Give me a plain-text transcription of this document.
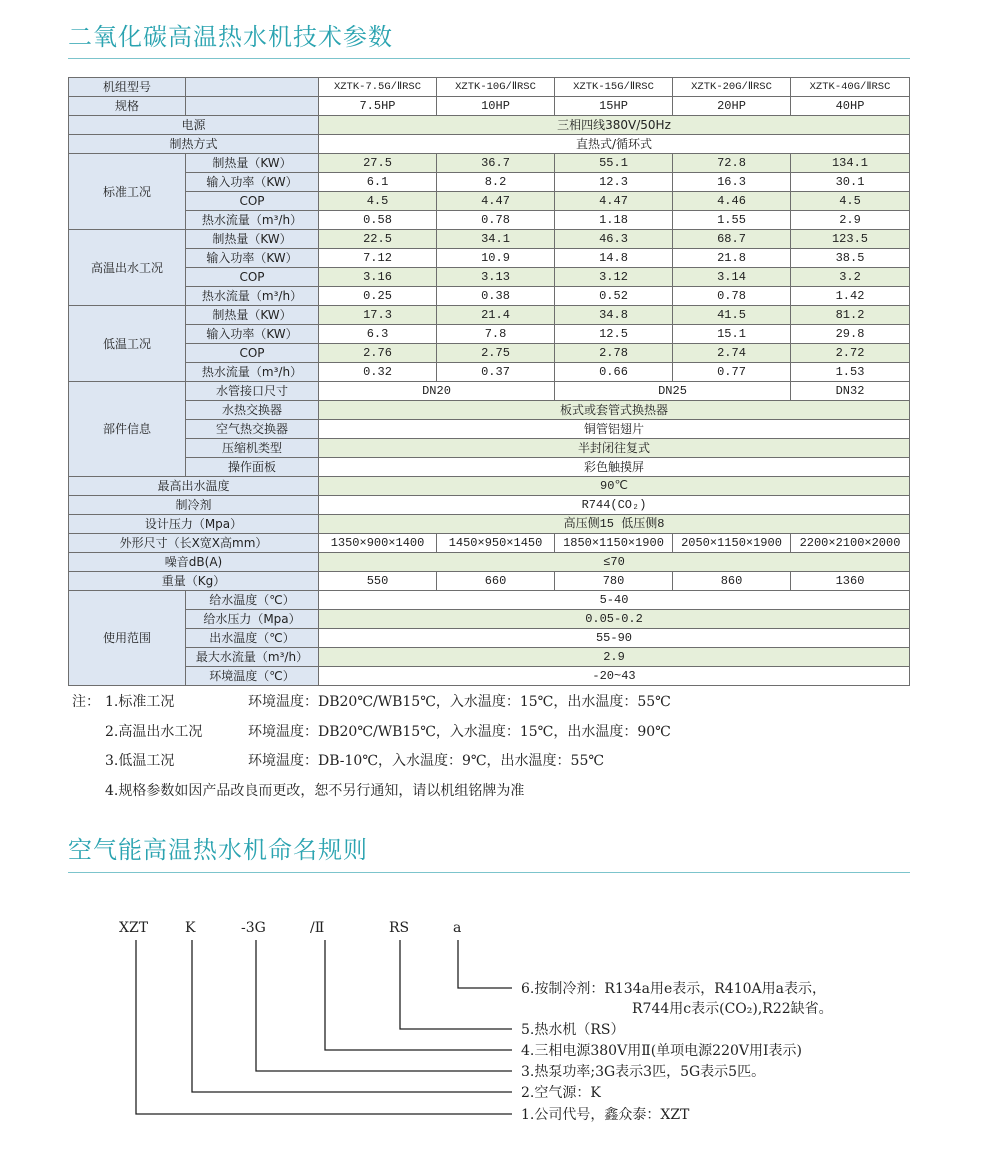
二氧化碳高温热水机技术参数
机组型号		XZTK-7.5G/ⅡRSC	XZTK-10G/ⅡRSC	XZTK-15G/ⅡRSC	XZTK-20G/ⅡRSC	XZTK-40G/ⅡRSC
规格		7.5HP	10HP	15HP	20HP	40HP
电源		三相四线380V/50Hz				
制热方式		直热式/循环式				
标准工况	制热量（KW）	27.5	36.7	55.1	72.8	134.1
	输入功率（KW）	6.1	8.2	12.3	16.3	30.1
	COP	4.5	4.47	4.47	4.46	4.5
	热水流量（m³/h）	0.58	0.78	1.18	1.55	2.9
高温出水工况	制热量（KW）	22.5	34.1	46.3	68.7	123.5
	输入功率（KW）	7.12	10.9	14.8	21.8	38.5
	COP	3.16	3.13	3.12	3.14	3.2
	热水流量（m³/h）	0.25	0.38	0.52	0.78	1.42
低温工况	制热量（KW）	17.3	21.4	34.8	41.5	81.2
	输入功率（KW）	6.3	7.8	12.5	15.1	29.8
	COP	2.76	2.75	2.78	2.74	2.72
	热水流量（m³/h）	0.32	0.37	0.66	0.77	1.53
部件信息	水管接口尺寸	DN20		DN25		DN32
	水热交换器	板式或套管式换热器				
	空气热交换器	铜管铝翅片				
	压缩机类型	半封闭往复式				
	操作面板	彩色触摸屏				
最高出水温度		90℃				
制冷剂		R744(CO₂)				
设计压力（Mpa）		高压侧15 低压侧8				
外形尺寸（长X宽X高mm）		1350×900×1400	1450×950×1450	1850×1150×1900	2050×1150×1900	2200×2100×2000
噪音dB(A)		≤70				
重量（Kg）		550	660	780	860	1360
使用范围	给水温度（℃）	5-40				
	给水压力（Mpa）	0.05-0.2				
	出水温度（℃）	55-90				
	最大水流量（m³/h）	2.9				
	环境温度（℃）	-20~43				
注： 1.标准工况	环境温度：DB20℃/WB15℃，入水温度：15℃，出水温度：55℃
2.高温出水工况	环境温度：DB20℃/WB15℃，入水温度：15℃，出水温度：90℃
3.低温工况	环境温度：DB-10℃，入水温度：9℃，出水温度：55℃
4.规格参数如因产品改良而更改，恕不另行通知，请以机组铭牌为准
空气能高温热水机命名规则
XZT	K	-3G	/Ⅱ	RS	a
6.按制冷剂：R134a用e表示，R410A用a表示，
R744用c表示(CO₂),R22缺省。
5.热水机（RS）
4.三相电源380V用Ⅱ(单项电源220V用Ⅰ表示)
3.热泵功率;3G表示3匹，5G表示5匹。
2.空气源：K
1.公司代号，鑫众泰：XZT
